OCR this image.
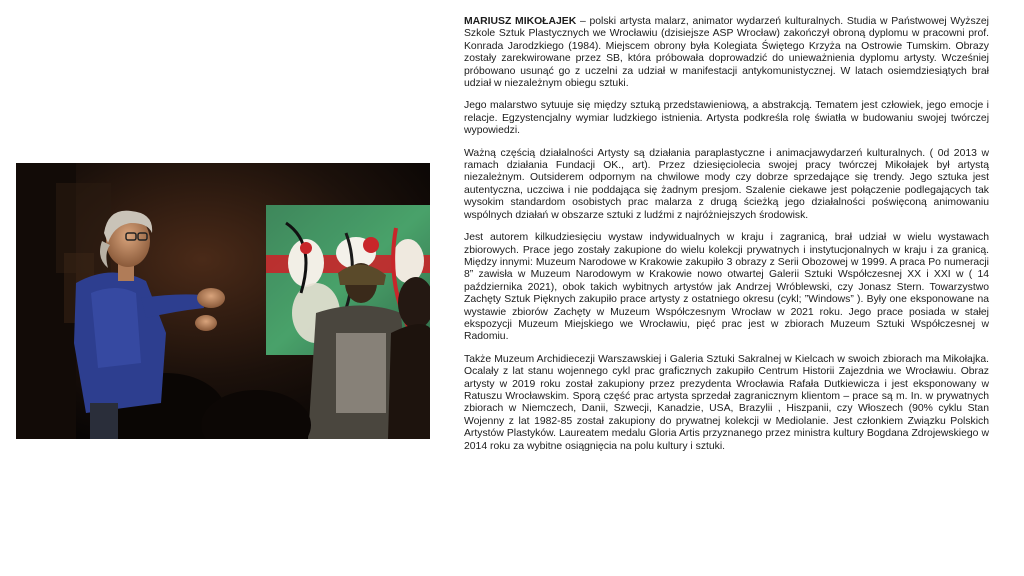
MARIUSZ MIKOŁAJEK – polski artysta malarz, animator wydarzeń kulturalnych. Studia w Państwowej Wyższej Szkole Sztuk Plastycznych we Wrocławiu (dzisiejsze ASP Wrocław) zakończył obroną dyplomu w pracowni prof. Konrada Jarodzkiego (1984). Miejscem obrony była Kolegiata Świętego Krzyża na Ostrowie Tumskim. Obrazy zostały zarekwirowane przez SB, która próbowała doprowadzić do unieważnienia dyplomu artysty. Wcześniej próbowano usunąć go z uczelni za udział w manifestacji antykomunistycznej. W latach osiemdziesiątych brał udział w niezależnym obiegu sztuki.

Jego malarstwo sytuuje się między sztuką przedstawieniową, a abstrakcją. Tematem jest człowiek, jego emocje i relacje. Egzystencjalny wymiar ludzkiego istnienia. Artysta podkreśla rolę światła w budowaniu swojej twórczej wypowiedzi.

Ważną częścią działalności Artysty są działania paraplastyczne i animacjawydarzeń kulturalnych. ( 0d 2013 w ramach działania Fundacji OK., art). Przez dziesięciolecia swojej pracy twórczej Mikołajek był artystą niezależnym. Outsiderem odpornym na chwilowe mody czy dobrze sprzedające się trendy. Jego sztuka jest autentyczna, uczciwa i nie poddająca się żadnym presjom. Szalenie ciekawe jest połączenie podlegających tak wysokim standardom osobistych prac malarza z drugą ścieżką jego działalności poświęconą animowaniu wspólnych działań w obszarze sztuki z ludźmi z najróżniejszych środowisk.

Jest autorem kilkudziesięciu wystaw indywidualnych w kraju i zagranicą, brał udział w wielu wystawach zbiorowych. Prace jego zostały zakupione do wielu kolekcji prywatnych i instytucjonalnych w kraju i za granicą. Między innymi: Muzeum Narodowe w Krakowie zakupiło 3 obrazy z Serii Obozowej w 1999. A praca Po numeracji 8” zawisła w Muzeum Narodowym w Krakowie nowo otwartej Galerii Sztuki Współczesnej XX i XXI w ( 14 października 2021), obok takich wybitnych artystów jak Andrzej Wróblewski, czy Jonasz Stern. Towarzystwo Zachęty Sztuk Pięknych zakupiło prace artysty z ostatniego okresu (cykl; ”Windows” ). Były one eksponowane na wystawie zbiorów Zachęty w Muzeum Współczesnym Wrocław w 2021 roku. Jego prace posiada w stałej ekspozycji Muzeum Miejskiego we Wrocławiu, pięć prac jest w zbiorach Muzeum Sztuki Współczesnej w Radomiu.

Także Muzeum Archidiecezji Warszawskiej i Galeria Sztuki Sakralnej w Kielcach w swoich zbiorach ma Mikołajka. Ocalały z lat stanu wojennego cykl prac graficznych zakupiło Centrum Historii Zajezdnia we Wrocławiu. Obraz artysty w 2019 roku został zakupiony przez prezydenta Wrocławia Rafała Dutkiewicza i jest eksponowany w Ratuszu Wrocławskim. Sporą część prac artysta sprzedał zagranicznym klientom – prace są m. In. w prywatnych zbiorach w Niemczech, Danii, Szwecji, Kanadzie, USA, Brazylii , Hiszpanii, czy Włoszech (90% cyklu Stan Wojenny z lat 1982-85 został zakupiony do prywatnej kolekcji w Mediolanie. Jest członkiem Związku Polskich Artystów Plastyków. Laureatem medalu Gloria Artis przyznanego przez ministra kultury Bogdana Zdrojewskiego w 2014 roku za wybitne osiągnięcia na polu kultury i sztuki.
